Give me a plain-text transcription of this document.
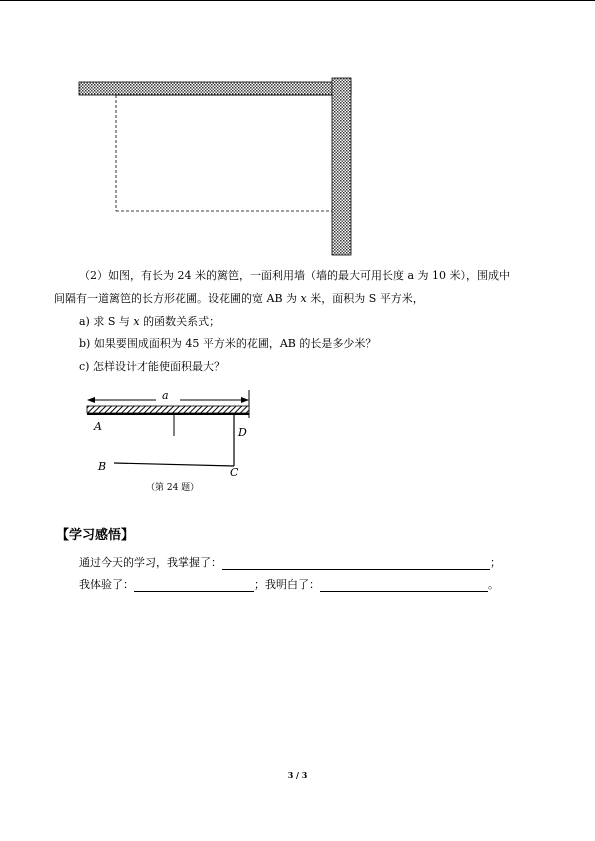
（2）如图，有长为 24 米的篱笆，一面利用墙（墙的最大可用长度 a 为 10 米），围成中
间隔有一道篱笆的长方形花圃。设花圃的宽 AB 为 x 米，面积为 S 平方米，
a) 求 S 与 x 的函数关系式；
b) 如果要围成面积为 45 平方米的花圃，AB 的长是多少米？
c) 怎样设计才能使面积最大？
a
A	D
B	C
（第 24 题）
【学习感悟】
通过今天的学习，我掌握了：	；
我体验了：	；我明白了：	。
3 / 3
